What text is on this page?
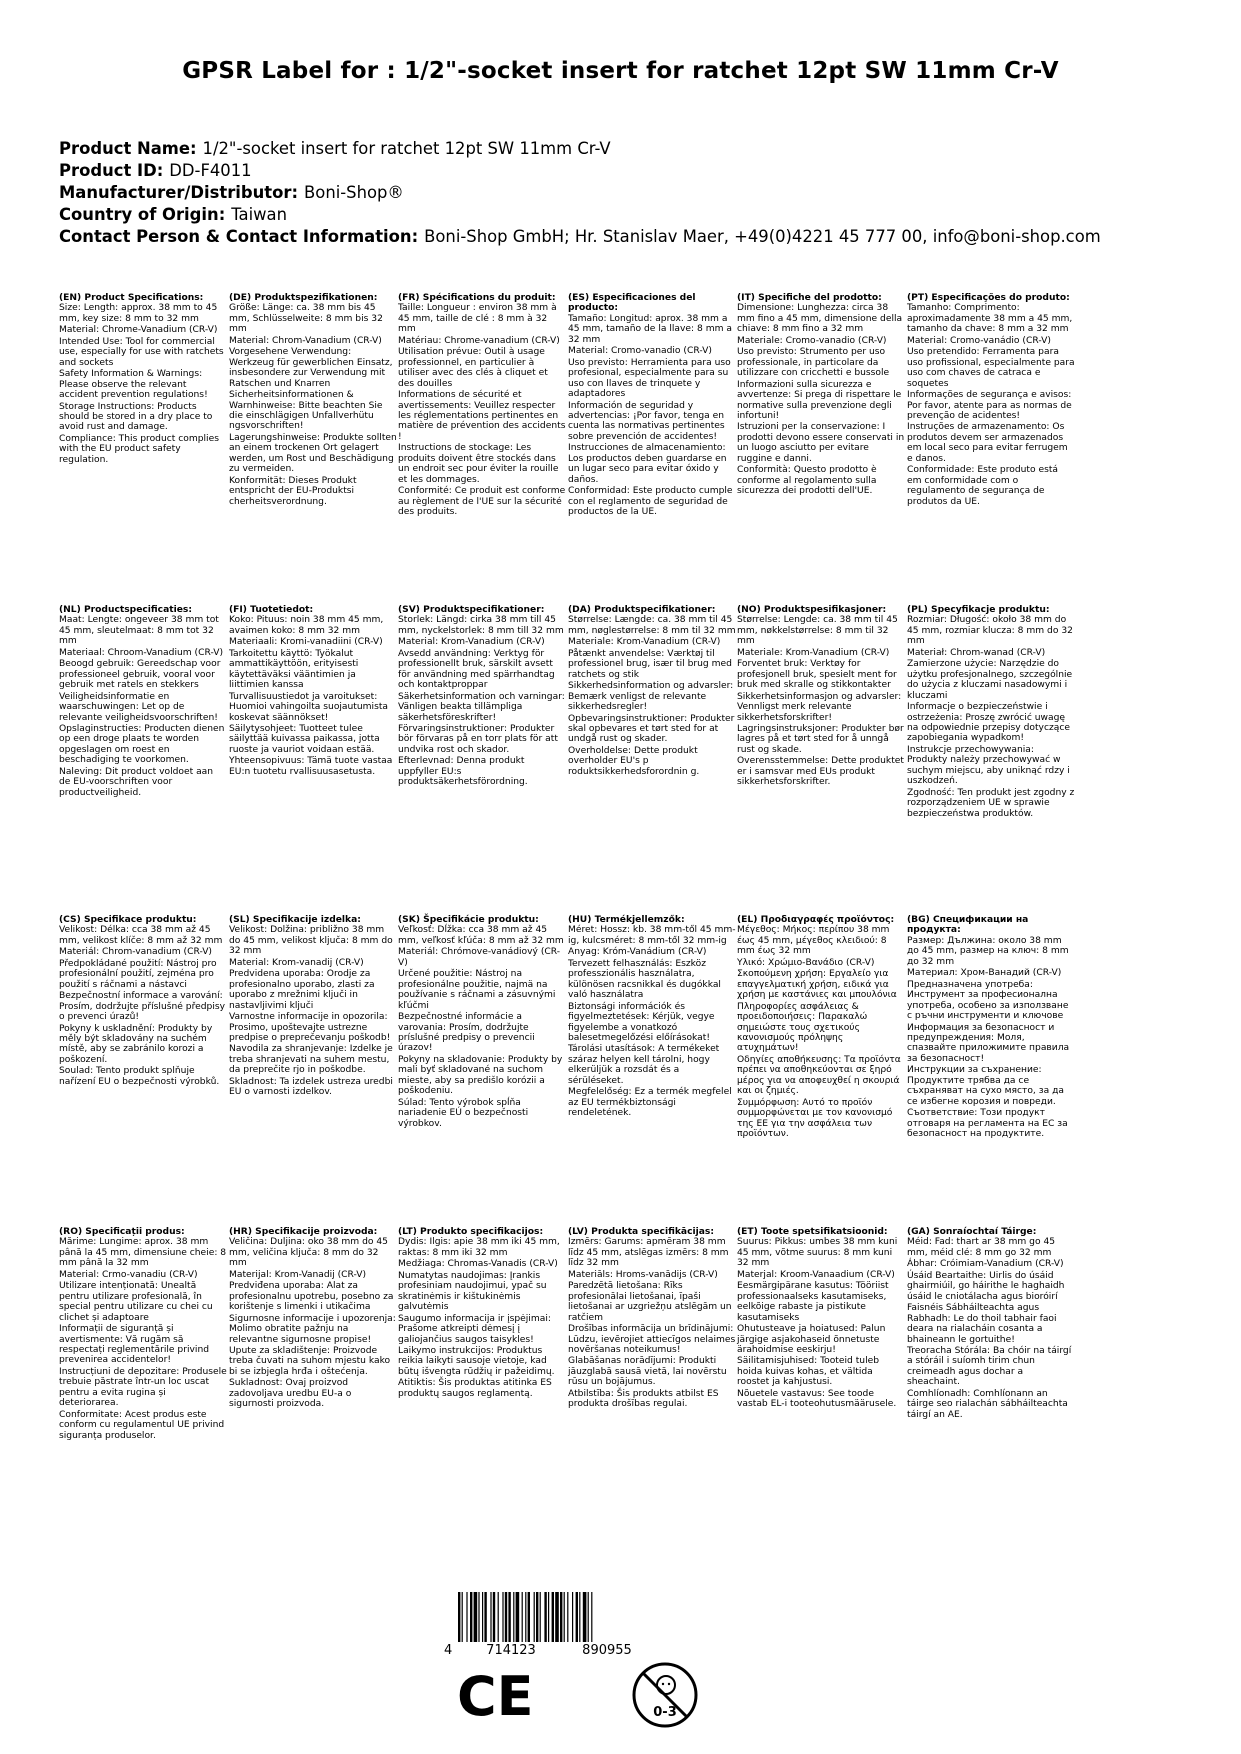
GPSR Label for : 1/2"-socket insert for ratchet 12pt SW 11mm Cr-V
Product Name: 1/2"-socket insert for ratchet 12pt SW 11mm Cr-V
Product ID: DD-F4011
Manufacturer/Distributor: Boni-Shop®
Country of Origin: Taiwan
Contact Person & Contact Information: Boni-Shop GmbH; Hr. Stanislav Maer, +49(0)4221 45 777 00, info@boni-shop.com
(EN) Product Specifications:

Size: Length: approx. 38 mm to 45 mm, key size: 8 mm to 32 mm

Material: Chrome-Vanadium (CR-V)

Intended Use: Tool for commercial use, especially for use with ratchets and sockets

Safety Information & Warnings: Please observe the relevant accident prevention regulations!

Storage Instructions: Products should be stored in a dry place to avoid rust and damage.

Compliance: This product complies with the EU product safety regulation.

(DE) Produktspezifikationen:

Größe: Länge: ca. 38 mm bis 45 mm, Schlüsselweite: 8 mm bis 32 mm

Material: Chrom-Vanadium (CR-V)

Vorgesehene Verwendung: Werkzeug für gewerblichen Einsatz, insbesondere zur Verwendung mit Ratschen und Knarren

Sicherheitsinformationen & Warnhinweise: Bitte beachten Sie die einschlägigen Unfallverhütu ngsvorschriften!

Lagerungshinweise: Produkte sollten an einem trockenen Ort gelagert werden, um Rost und Beschädigung zu vermeiden.

Konformität: Dieses Produkt entspricht der EU-Produktsi cherheitsverordnung.

(FR) Spécifications du produit:

Taille: Longueur : environ 38 mm à 45 mm, taille de clé : 8 mm à 32 mm

Matériau: Chrome-vanadium (CR-V)

Utilisation prévue: Outil à usage professionnel, en particulier à utiliser avec des clés à cliquet et des douilles

Informations de sécurité et avertissements: Veuillez respecter les réglementations pertinentes en matière de prévention des accidents !

Instructions de stockage: Les produits doivent être stockés dans un endroit sec pour éviter la rouille et les dommages.

Conformité: Ce produit est conforme au règlement de l'UE sur la sécurité des produits.

(ES) Especificaciones del producto:

Tamaño: Longitud: aprox. 38 mm a 45 mm, tamaño de la llave: 8 mm a 32 mm

Material: Cromo-vanadio (CR-V)

Uso previsto: Herramienta para uso profesional, especialmente para su uso con llaves de trinquete y adaptadores

Información de seguridad y advertencias: ¡Por favor, tenga en cuenta las normativas pertinentes sobre prevención de accidentes!

Instrucciones de almacenamiento: Los productos deben guardarse en un lugar seco para evitar óxido y daños.

Conformidad: Este producto cumple con el reglamento de seguridad de productos de la UE.

(IT) Specifiche del prodotto:

Dimensione: Lunghezza: circa 38 mm fino a 45 mm, dimensione della chiave: 8 mm fino a 32 mm

Materiale: Cromo-vanadio (CR-V)

Uso previsto: Strumento per uso professionale, in particolare da utilizzare con cricchetti e bussole

Informazioni sulla sicurezza e avvertenze: Si prega di rispettare le normative sulla prevenzione degli infortuni!

Istruzioni per la conservazione: I prodotti devono essere conservati in un luogo asciutto per evitare ruggine e danni.

Conformità: Questo prodotto è conforme al regolamento sulla sicurezza dei prodotti dell'UE.

(PT) Especificações do produto:

Tamanho: Comprimento: aproximadamente 38 mm a 45 mm, tamanho da chave: 8 mm a 32 mm

Material: Cromo-vanádio (CR-V)

Uso pretendido: Ferramenta para uso profissional, especialmente para uso com chaves de catraca e soquetes

Informações de segurança e avisos: Por favor, atente para as normas de prevenção de acidentes!

Instruções de armazenamento: Os produtos devem ser armazenados em local seco para evitar ferrugem e danos.

Conformidade: Este produto está em conformidade com o regulamento de segurança de produtos da UE.

(NL) Productspecificaties:

Maat: Lengte: ongeveer 38 mm tot 45 mm, sleutelmaat: 8 mm tot 32 mm

Materiaal: Chroom-Vanadium (CR-V)

Beoogd gebruik: Gereedschap voor professioneel gebruik, vooral voor gebruik met ratels en stekkers

Veiligheidsinformatie en waarschuwingen: Let op de relevante veiligheidsvoorschriften!

Opslaginstructies: Producten dienen op een droge plaats te worden opgeslagen om roest en beschadiging te voorkomen.

Naleving: Dit product voldoet aan de EU-voorschriften voor productveiligheid.

(FI) Tuotetiedot:

Koko: Pituus: noin 38 mm 45 mm, avaimen koko: 8 mm 32 mm

Materiaali: Kromi-vanadiini (CR-V)

Tarkoitettu käyttö: Työkalut ammattikäyttöön, erityisesti käytettäväksi vääntimien ja liittimien kanssa

Turvallisuustiedot ja varoitukset: Huomioi vahingoilta suojautumista koskevat säännökset!

Säilytysohjeet: Tuotteet tulee säilyttää kuivassa paikassa, jotta ruoste ja vauriot voidaan estää.

Yhteensopivuus: Tämä tuote vastaa EU:n tuotetu rvallisuusasetusta.

(SV) Produktspecifikationer:

Storlek: Längd: cirka 38 mm till 45 mm, nyckelstorlek: 8 mm till 32 mm

Material: Krom-Vanadium (CR-V)

Avsedd användning: Verktyg för professionellt bruk, särskilt avsett för användning med spärrhandtag och kontaktproppar

Säkerhetsinformation och varningar: Vänligen beakta tillämpliga säkerhetsföreskrifter!

Förvaringsinstruktioner: Produkter bör förvaras på en torr plats för att undvika rost och skador.

Efterlevnad: Denna produkt uppfyller EU:s produktsäkerhetsförordning.

(DA) Produktspecifikationer:

Størrelse: Længde: ca. 38 mm til 45 mm, nøglestørrelse: 8 mm til 32 mm

Materiale: Krom-Vanadium (CR-V)

Påtænkt anvendelse: Værktøj til professionel brug, især til brug med ratchets og stik

Sikkerhedsinformation og advarsler: Bemærk venligst de relevante sikkerhedsregler!

Opbevaringsinstruktioner: Produkter skal opbevares et tørt sted for at undgå rust og skader.

Overholdelse: Dette produkt overholder EU's p roduktsikkerhedsforordnin g.

(NO) Produktspesifikasjoner:

Størrelse: Lengde: ca. 38 mm til 45 mm, nøkkelstørrelse: 8 mm til 32 mm

Materiale: Krom-Vanadium (CR-V)

Forventet bruk: Verktøy for profesjonell bruk, spesielt ment for bruk med skralle og stikkontakter

Sikkerhetsinformasjon og advarsler: Vennligst merk relevante sikkerhetsforskrifter!

Lagringsinstruksjoner: Produkter bør lagres på et tørt sted for å unngå rust og skade.

Overensstemmelse: Dette produktet er i samsvar med EUs produkt sikkerhetsforskrifter.

(PL) Specyfikacje produktu:

Rozmiar: Długość: około 38 mm do 45 mm, rozmiar klucza: 8 mm do 32 mm

Materiał: Chrom-wanad (CR-V)

Zamierzone użycie: Narzędzie do użytku profesjonalnego, szczególnie do użycia z kluczami nasadowymi i kluczami

Informacje o bezpieczeństwie i ostrzeżenia: Proszę zwrócić uwagę na odpowiednie przepisy dotyczące zapobiegania wypadkom!

Instrukcje przechowywania: Produkty należy przechowywać w suchym miejscu, aby uniknąć rdzy i uszkodzeń.

Zgodność: Ten produkt jest zgodny z rozporządzeniem UE w sprawie bezpieczeństwa produktów.

(CS) Specifikace produktu:

Velikost: Délka: cca 38 mm až 45 mm, velikost klíče: 8 mm až 32 mm

Materiál: Chrom-vanadium (CR-V)

Předpokládané použití: Nástroj pro profesionální použití, zejména pro použití s ráčnami a nástavci

Bezpečnostní informace a varování: Prosím, dodržujte příslušné předpisy o prevenci úrazů!

Pokyny k uskladnění: Produkty by měly být skladovány na suchém místě, aby se zabránilo korozi a poškození.

Soulad: Tento produkt splňuje nařízení EU o bezpečnosti výrobků.

(SL) Specifikacije izdelka:

Velikost: Dolžina: približno 38 mm do 45 mm, velikost ključa: 8 mm do 32 mm

Material: Krom-vanadij (CR-V)

Predvidena uporaba: Orodje za profesionalno uporabo, zlasti za uporabo z mrežnimi ključi in nastavljivimi ključi

Varnostne informacije in opozorila: Prosimo, upoštevajte ustrezne predpise o preprečevanju poškodb!

Navodila za shranjevanje: Izdelke je treba shranjevati na suhem mestu, da preprečite rjo in poškodbe.

Skladnost: Ta izdelek ustreza uredbi EU o varnosti izdelkov.

(SK) Špecifikácie produktu:

Veľkosť: Dĺžka: cca 38 mm až 45 mm, veľkosť kľúča: 8 mm až 32 mm

Materiál: Chrómove-vanádiový (CR-V)

Určené použitie: Nástroj na profesionálne použitie, najmä na používanie s ráčnami a zásuvnými kľúčmi

Bezpečnostné informácie a varovania: Prosím, dodržujte príslušné predpisy o prevencii úrazov!

Pokyny na skladovanie: Produkty by mali byť skladované na suchom mieste, aby sa predišlo korózii a poškodeniu.

Súlad: Tento výrobok spĺňa nariadenie EÚ o bezpečnosti výrobkov.

(HU) Termékjellemzők:

Méret: Hossz: kb. 38 mm-től 45 mm-ig, kulcsméret: 8 mm-től 32 mm-ig

Anyag: Króm-Vanádium (CR-V)

Tervezett felhasználás: Eszköz professzionális használatra, különösen racsnikkal és dugókkal való használatra

Biztonsági információk és figyelmeztetések: Kérjük, vegye figyelembe a vonatkozó balesetmegelőzési előírásokat!

Tárolási utasítások: A termékeket száraz helyen kell tárolni, hogy elkerüljük a rozsdát és a sérüléseket.

Megfelelőség: Ez a termék megfelel az EU termékbiztonsági rendeletének.

(EL) Προδιαγραφές προϊόντος:

Μέγεθος: Μήκος: περίπου 38 mm έως 45 mm, μέγεθος κλειδιού: 8 mm έως 32 mm

Υλικό: Χρώμιο-Βανάδιο (CR-V)

Σκοπούμενη χρήση: Εργαλείο για επαγγελματική χρήση, ειδικά για χρήση με καστάνιες και μπουλόνια

Πληροφορίες ασφάλειας & προειδοποιήσεις: Παρακαλώ σημειώστε τους σχετικούς κανονισμούς πρόληψης ατυχημάτων!

Οδηγίες αποθήκευσης: Τα προϊόντα πρέπει να αποθηκεύονται σε ξηρό μέρος για να αποφευχθεί η σκουριά και οι ζημιές.

Συμμόρφωση: Αυτό το προϊόν συμμορφώνεται με τον κανονισμό της ΕΕ για την ασφάλεια των προϊόντων.

(BG) Спецификации на продукта:

Размер: Дължина: около 38 mm до 45 mm, размер на ключ: 8 mm до 32 mm

Материал: Хром-Ванадий (CR-V)

Предназначена употреба: Инструмент за професионална употреба, особено за използване с ръчни инструменти и ключове

Информация за безопасност и предупреждения: Моля, спазвайте приложимите правила за безопасност!

Инструкции за съхранение: Продуктите трябва да се съхраняват на сухо място, за да се избегне корозия и повреди.

Съответствие: Този продукт отговаря на регламента на ЕС за безопасност на продуктите.

(RO) Specificații produs:

Mărime: Lungime: aprox. 38 mm până la 45 mm, dimensiune cheie: 8 mm până la 32 mm

Material: Crmo-vanadiu (CR-V)

Utilizare intenționată: Unealtă pentru utilizare profesională, în special pentru utilizare cu chei cu clichet și adaptoare

Informații de siguranță și avertismente: Vă rugăm să respectați reglementările privind prevenirea accidentelor!

Instrucțiuni de depozitare: Produsele trebuie păstrate într-un loc uscat pentru a evita rugina și deteriorarea.

Conformitate: Acest produs este conform cu regulamentul UE privind siguranța produselor.

(HR) Specifikacije proizvoda:

Veličina: Duljina: oko 38 mm do 45 mm, veličina ključa: 8 mm do 32 mm

Materijal: Krom-Vanadij (CR-V)

Predviđena uporaba: Alat za profesionalnu upotrebu, posebno za korištenje s limenki i utikačima

Sigurnosne informacije i upozorenja: Molimo obratite pažnju na relevantne sigurnosne propise!

Upute za skladištenje: Proizvode treba čuvati na suhom mjestu kako bi se izbjegla hrđa i oštećenja.

Sukladnost: Ovaj proizvod zadovoljava uredbu EU-a o sigurnosti proizvoda.

(LT) Produkto specifikacijos:

Dydis: Ilgis: apie 38 mm iki 45 mm, raktas: 8 mm iki 32 mm

Medžiaga: Chromas-Vanadis (CR-V)

Numatytas naudojimas: Įrankis profesiniam naudojimui, ypač su skratinėmis ir kištukinėmis galvutėmis

Saugumo informacija ir įspėjimai: Prašome atkreipti dėmesį į galiojančius saugos taisykles!

Laikymo instrukcijos: Produktus reikia laikyti sausoje vietoje, kad būtų išvengta rūdžių ir pažeidimų.

Atitiktis: Šis produktas atitinka ES produktų saugos reglamentą.

(LV) Produkta specifikācijas:

Izmērs: Garums: apmēram 38 mm līdz 45 mm, atslēgas izmērs: 8 mm līdz 32 mm

Materiāls: Hroms-vanādijs (CR-V)

Paredzētā lietošana: Rīks profesionālai lietošanai, īpaši lietošanai ar uzgriežņu atslēgām un ratčiem

Drošības informācija un brīdinājumi: Lūdzu, ievērojiet attiecīgos nelaimes novēršanas noteikumus!

Glabāšanas norādījumi: Produkti jāuzglabā sausā vietā, lai novērstu rūsu un bojājumus.

Atbilstība: Šis produkts atbilst ES produkta drošības regulai.

(ET) Toote spetsifikatsioonid:

Suurus: Pikkus: umbes 38 mm kuni 45 mm, võtme suurus: 8 mm kuni 32 mm

Materjal: Kroom-Vanaadium (CR-V)

Eesmärgipärane kasutus: Tööriist professionaalseks kasutamiseks, eelkõige rabaste ja pistikute kasutamiseks

Ohutusteave ja hoiatused: Palun järgige asjakohaseid õnnetuste ärahoidmise eeskirju!

Säilitamisjuhised: Tooteid tuleb hoida kuivas kohas, et vältida roostet ja kahjustusi.

Nõuetele vastavus: See toode vastab EL-i tooteohutusmäärusele.

(GA) Sonraíochtaí Táirge:

Méid: Fad: thart ar 38 mm go 45 mm, méid clé: 8 mm go 32 mm

Ábhar: Cróimiam-Vanadium (CR-V)

Úsáid Beartaithe: Uirlis do úsáid ghairmiúil, go háirithe le haghaidh úsáid le cniotálacha agus bioróirí

Faisnéis Sábháilteachta agus Rabhadh: Le do thoil tabhair faoi deara na rialacháin cosanta a bhaineann le gortuithe!

Treoracha Stórála: Ba chóir na táirgí a stóráil i suíomh tirim chun creimeadh agus dochar a sheachaint.

Comhlíonadh: Comhlíonann an táirge seo rialachán sábháilteachta táirgí an AE.

4	714123	890955
CE	0-3
